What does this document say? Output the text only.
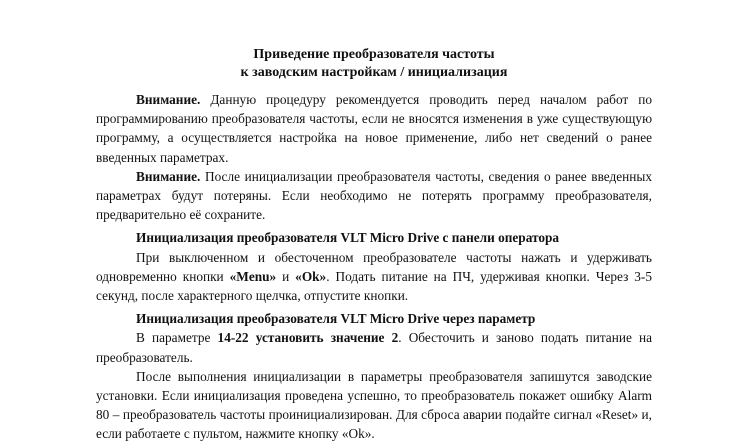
Приведение преобразователя частоты
к заводским настройкам / инициализация

Внимание. Данную процедуру рекомендуется проводить перед началом работ по программированию преобразователя частоты, если не вносятся изменения в уже существующую программу, а осуществляется настройка на новое применение, либо нет сведений о ранее введенных параметрах.

Внимание. После инициализации преобразователя частоты, сведения о ранее введенных параметрах будут потеряны. Если необходимо не потерять программу преобразователя, предварительно её сохраните.

Инициализация преобразователя VLT Micro Drive с панели оператора

При выключенном и обесточенном преобразователе частоты нажать и удерживать одновременно кнопки «Menu» и «Ok». Подать питание на ПЧ, удерживая кнопки. Через 3-5 секунд, после характерного щелчка, отпустите кнопки.

Инициализация преобразователя VLT Micro Drive через параметр

В параметре 14-22 установить значение 2. Обесточить и заново подать питание на преобразователь.

После выполнения инициализации в параметры преобразователя запишутся заводские установки. Если инициализация проведена успешно, то преобразователь покажет ошибку Alarm 80 – преобразователь частоты проинициализирован. Для сброса аварии подайте сигнал «Reset» и, если работаете с пультом, нажмите кнопку «Ok».
